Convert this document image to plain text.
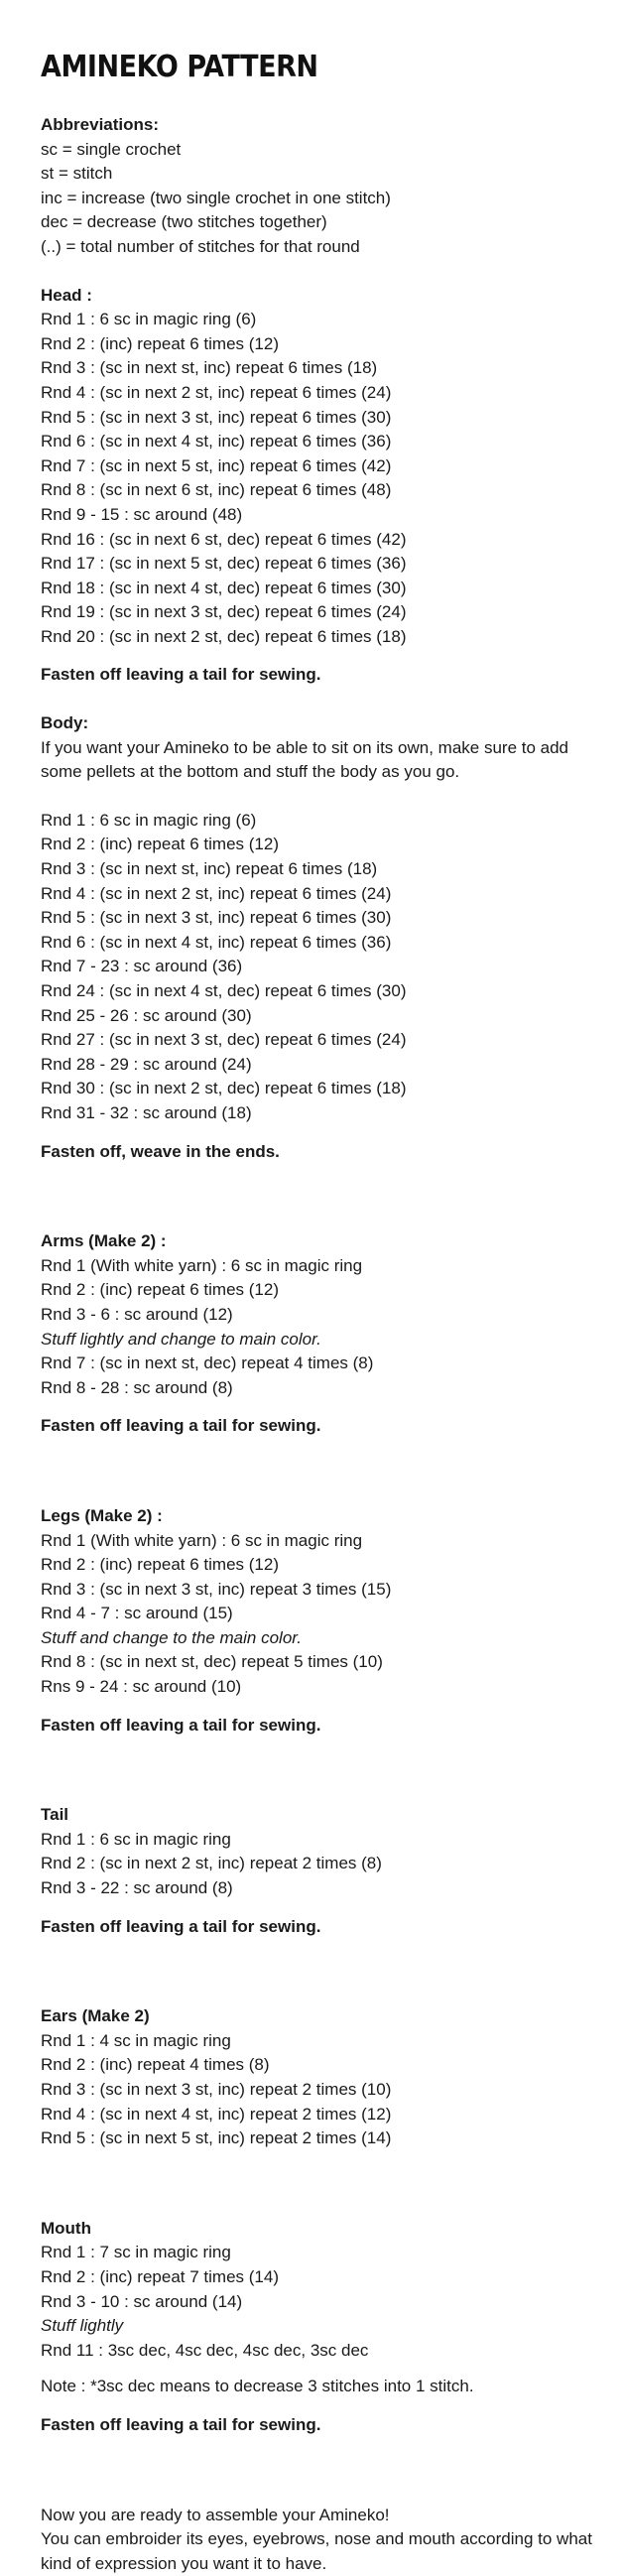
AMINEKO PATTERN
Abbreviations:
sc = single crochet
st = stitch
inc = increase (two single crochet in one stitch)
dec = decrease (two stitches together)
(..) = total number of stitches for that round
Head :
Rnd 1 : 6 sc in magic ring (6)
Rnd 2 : (inc) repeat 6 times (12)
Rnd 3 : (sc in next st, inc) repeat 6 times (18)
Rnd 4 : (sc in next 2 st, inc) repeat 6 times (24)
Rnd 5 : (sc in next 3 st, inc) repeat 6 times (30)
Rnd 6 : (sc in next 4 st, inc) repeat 6 times (36)
Rnd 7 : (sc in next 5 st, inc) repeat 6 times (42)
Rnd 8 : (sc in next 6 st, inc) repeat 6 times (48)
Rnd 9 - 15 : sc around (48)
Rnd 16 : (sc in next 6 st, dec) repeat 6 times (42)
Rnd 17 : (sc in next 5 st, dec) repeat 6 times (36)
Rnd 18 : (sc in next 4 st, dec) repeat 6 times (30)
Rnd 19 : (sc in next 3 st, dec) repeat 6 times (24)
Rnd 20 : (sc in next 2 st, dec) repeat 6 times (18)
Fasten off leaving a tail for sewing.
Body:
If you want your Amineko to be able to sit on its own, make sure to add some pellets at the bottom and stuff the body as you go.
Rnd 1 : 6 sc in magic ring (6)
Rnd 2 : (inc) repeat 6 times (12)
Rnd 3 : (sc in next st, inc) repeat 6 times (18)
Rnd 4 : (sc in next 2 st, inc) repeat 6 times (24)
Rnd 5 : (sc in next 3 st, inc) repeat 6 times (30)
Rnd 6 : (sc in next 4 st, inc) repeat 6 times (36)
Rnd 7 - 23 : sc around (36)
Rnd 24 : (sc in next 4 st, dec) repeat 6 times (30)
Rnd 25 - 26 : sc around (30)
Rnd 27 : (sc in next 3 st, dec) repeat 6 times (24)
Rnd 28 - 29 : sc around (24)
Rnd 30 : (sc in next 2 st, dec) repeat 6 times (18)
Rnd 31 - 32 : sc around (18)
Fasten off, weave in the ends.
Arms (Make 2) :
Rnd 1 (With white yarn) : 6 sc in magic ring
Rnd 2 : (inc) repeat 6 times (12)
Rnd 3 - 6 : sc around (12)
Stuff lightly and change to main color.
Rnd 7 : (sc in next st, dec) repeat 4 times (8)
Rnd 8 - 28 : sc around (8)
Fasten off leaving a tail for sewing.
Legs (Make 2) :
Rnd 1 (With white yarn) : 6 sc in magic ring
Rnd 2 : (inc) repeat 6 times (12)
Rnd 3 : (sc in next 3 st, inc) repeat 3 times (15)
Rnd 4 - 7 : sc around (15)
Stuff and change to the main color.
Rnd 8 : (sc in next st, dec) repeat 5 times (10)
Rns 9 - 24 : sc around (10)
Fasten off leaving a tail for sewing.
Tail
Rnd 1 : 6 sc in magic ring
Rnd 2 : (sc in next 2 st, inc) repeat 2 times (8)
Rnd 3 - 22 : sc around (8)
Fasten off leaving a tail for sewing.
Ears (Make 2)
Rnd 1 : 4 sc in magic ring
Rnd 2 : (inc) repeat 4 times (8)
Rnd 3 : (sc in next 3 st, inc) repeat 2 times (10)
Rnd 4 : (sc in next 4 st, inc) repeat 2 times (12)
Rnd 5 : (sc in next 5 st, inc) repeat 2 times (14)
Mouth
Rnd 1 : 7 sc in magic ring
Rnd 2 : (inc) repeat 7 times (14)
Rnd 3 - 10 : sc around (14)
Stuff lightly
Rnd 11 : 3sc dec, 4sc dec, 4sc dec, 3sc dec
Note : *3sc dec means to decrease 3 stitches into 1 stitch.
Fasten off leaving a tail for sewing.
Now you are ready to assemble your Amineko!
You can embroider its eyes, eyebrows, nose and mouth according to what kind of expression you want it to have.
